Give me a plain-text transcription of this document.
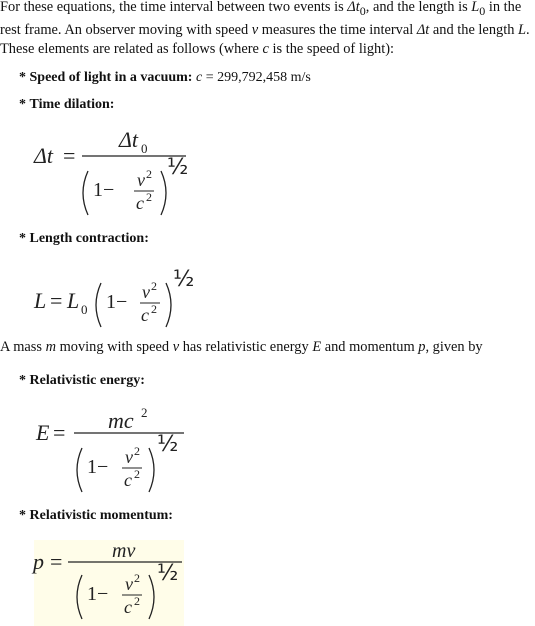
For these equations, the time interval between two events is $\Delta t_0$, and the length is $L_0$ in the rest frame. An observer moving with speed v measures the time interval Δt and the length L. These elements are related as follows (where c is the speed of light):
* Speed of light in a vacuum: c = 299,792,458 m/s
* Time dilation:
Δt =
Δt 0
1− v 2
c 2
½
* Length contraction:
L = L 0 1− v 2
c 2
½
A mass m moving with speed v has relativistic energy E and momentum p, given by
* Relativistic energy:
E = mc 2
1− v 2
c 2
½
* Relativistic momentum:
p = mv
1− v 2
c 2
½
